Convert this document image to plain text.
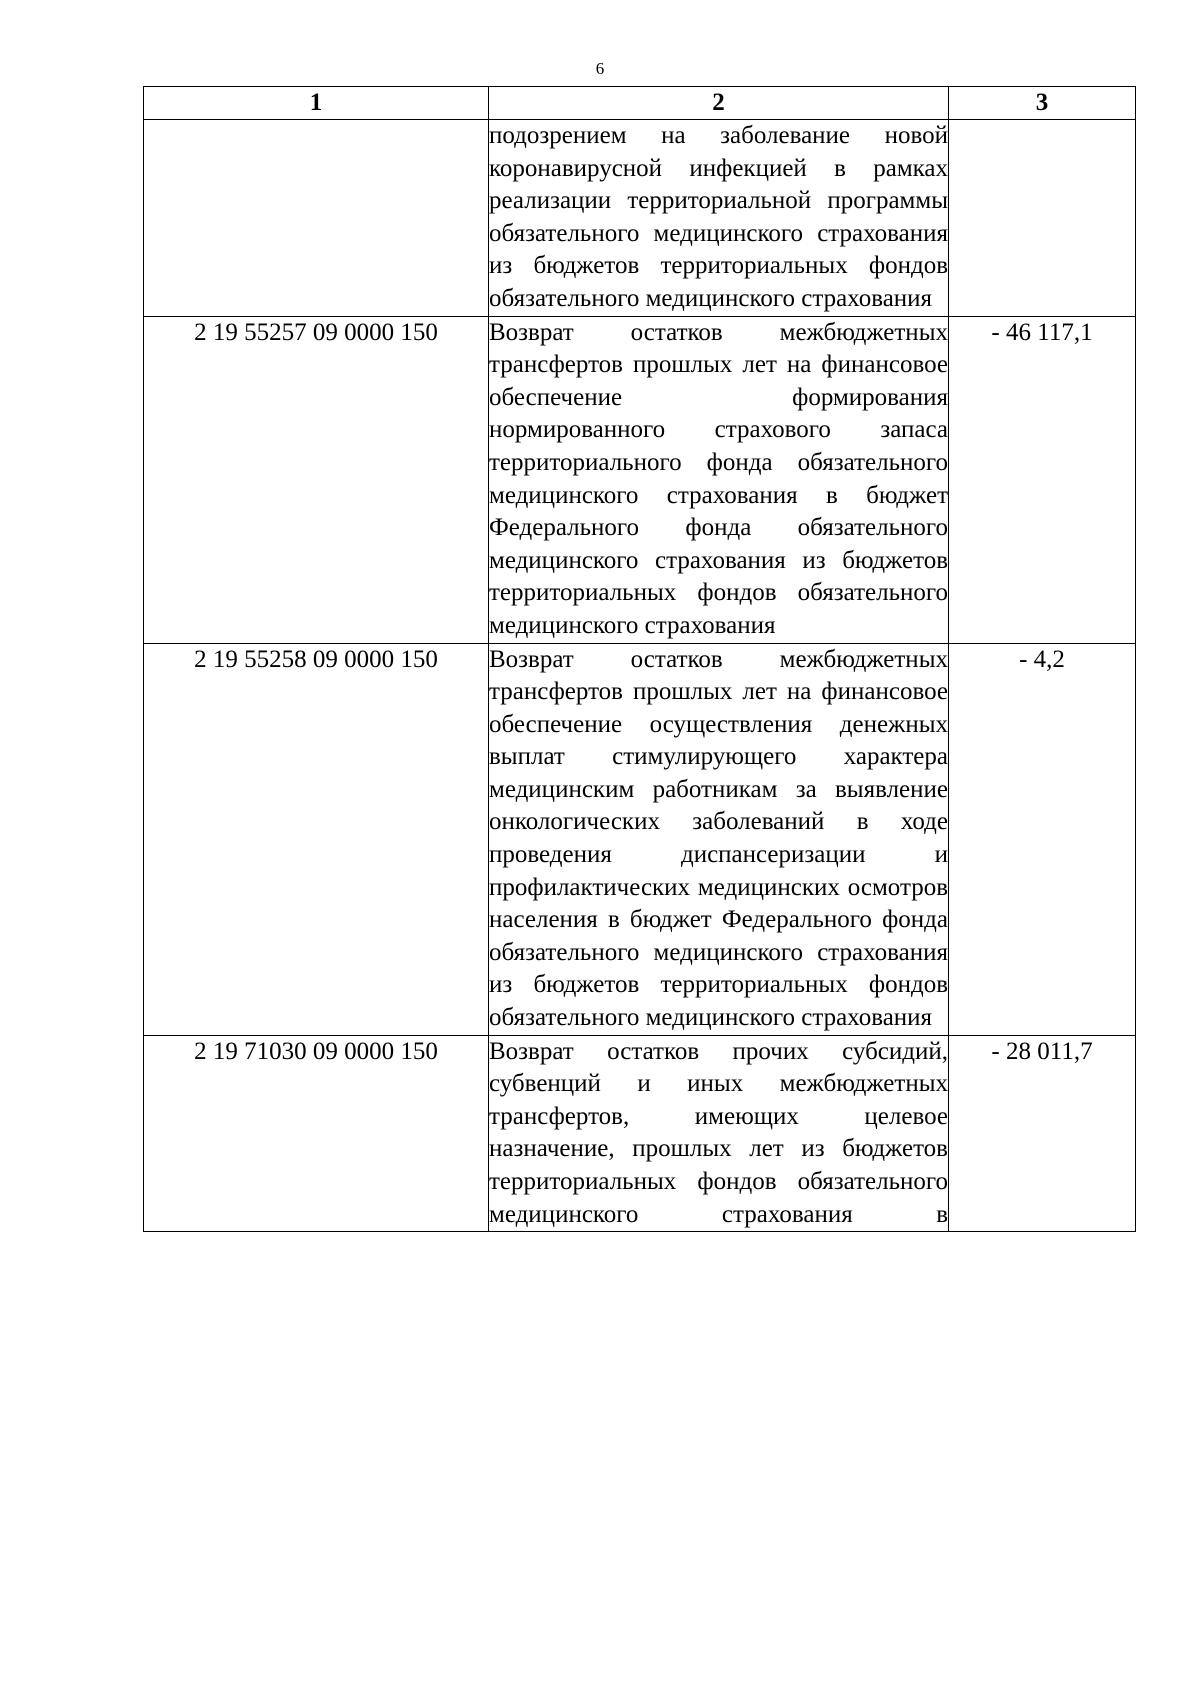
6
1	2	3
	подозрением на заболевание новой коронавирусной инфекцией в рамках реализации территориальной программы обязательного медицинского страхования из бюджетов территориальных фондов обязательного медицинского страхования	
2 19 55257 09 0000 150	Возврат остатков межбюджетных трансфертов прошлых лет на финансовое обеспечение формирования нормированного страхового запаса территориального фонда обязательного медицинского страхования в бюджет Федерального фонда обязательного медицинского страхования из бюджетов территориальных фондов обязательного медицинского страхования	- 46 117,1
2 19 55258 09 0000 150	Возврат остатков межбюджетных трансфертов прошлых лет на финансовое обеспечение осуществления денежных выплат стимулирующего характера медицинским работникам за выявление онкологических заболеваний в ходе проведения диспансеризации и профилактических медицинских осмотров населения в бюджет Федерального фонда обязательного медицинского страхования из бюджетов территориальных фондов обязательного медицинского страхования	- 4,2
2 19 71030 09 0000 150	Возврат остатков прочих субсидий, субвенций и иных межбюджетных трансфертов, имеющих целевое назначение, прошлых лет из бюджетов территориальных фондов обязательного медицинского страхования в	- 28 011,7
